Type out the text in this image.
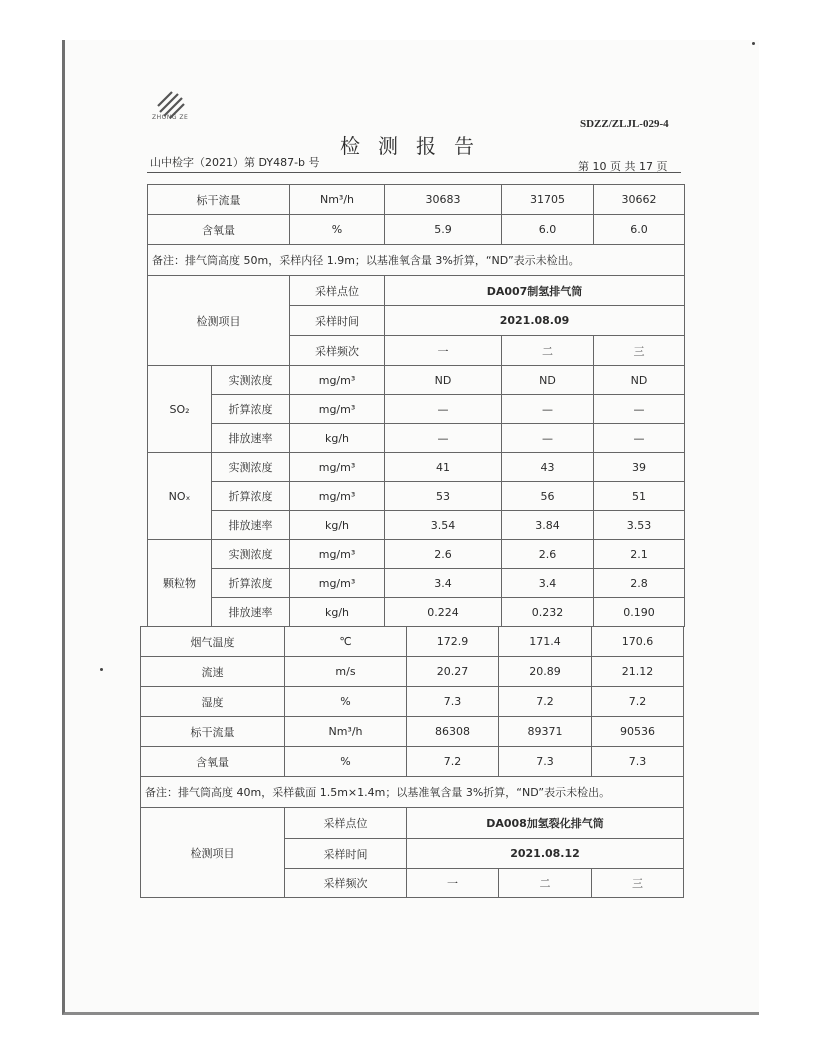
ZHONG ZE
SDZZ/ZLJL-029-4
检测报告
山中检字（2021）第 DY487-b 号	第 10 页 共 17 页
标干流量		Nm³/h	30683	31705	30662
含氧量		%	5.9	6.0	6.0
备注：排气筒高度 50m，采样内径 1.9m；以基准氧含量 3%折算，“ND”表示未检出。					
检测项目		采样点位	DA007制氢排气筒		
		采样时间	2021.08.09		
		采样频次	一	二	三
SO₂	实测浓度	mg/m³	ND	ND	ND
	折算浓度	mg/m³	—	—	—
	排放速率	kg/h	—	—	—
NOₓ	实测浓度	mg/m³	41	43	39
	折算浓度	mg/m³	53	56	51
	排放速率	kg/h	3.54	3.84	3.53
颗粒物	实测浓度	mg/m³	2.6	2.6	2.1
	折算浓度	mg/m³	3.4	3.4	2.8
	排放速率	kg/h	0.224	0.232	0.190
烟气温度	℃	172.9	171.4	170.6
流速	m/s	20.27	20.89	21.12
湿度	%	7.3	7.2	7.2
标干流量	Nm³/h	86308	89371	90536
含氧量	%	7.2	7.3	7.3
备注：排气筒高度 40m，采样截面 1.5m×1.4m；以基准氧含量 3%折算，“ND”表示未检出。				
检测项目	采样点位	DA008加氢裂化排气筒		
	采样时间	2021.08.12		
	采样频次	一	二	三
